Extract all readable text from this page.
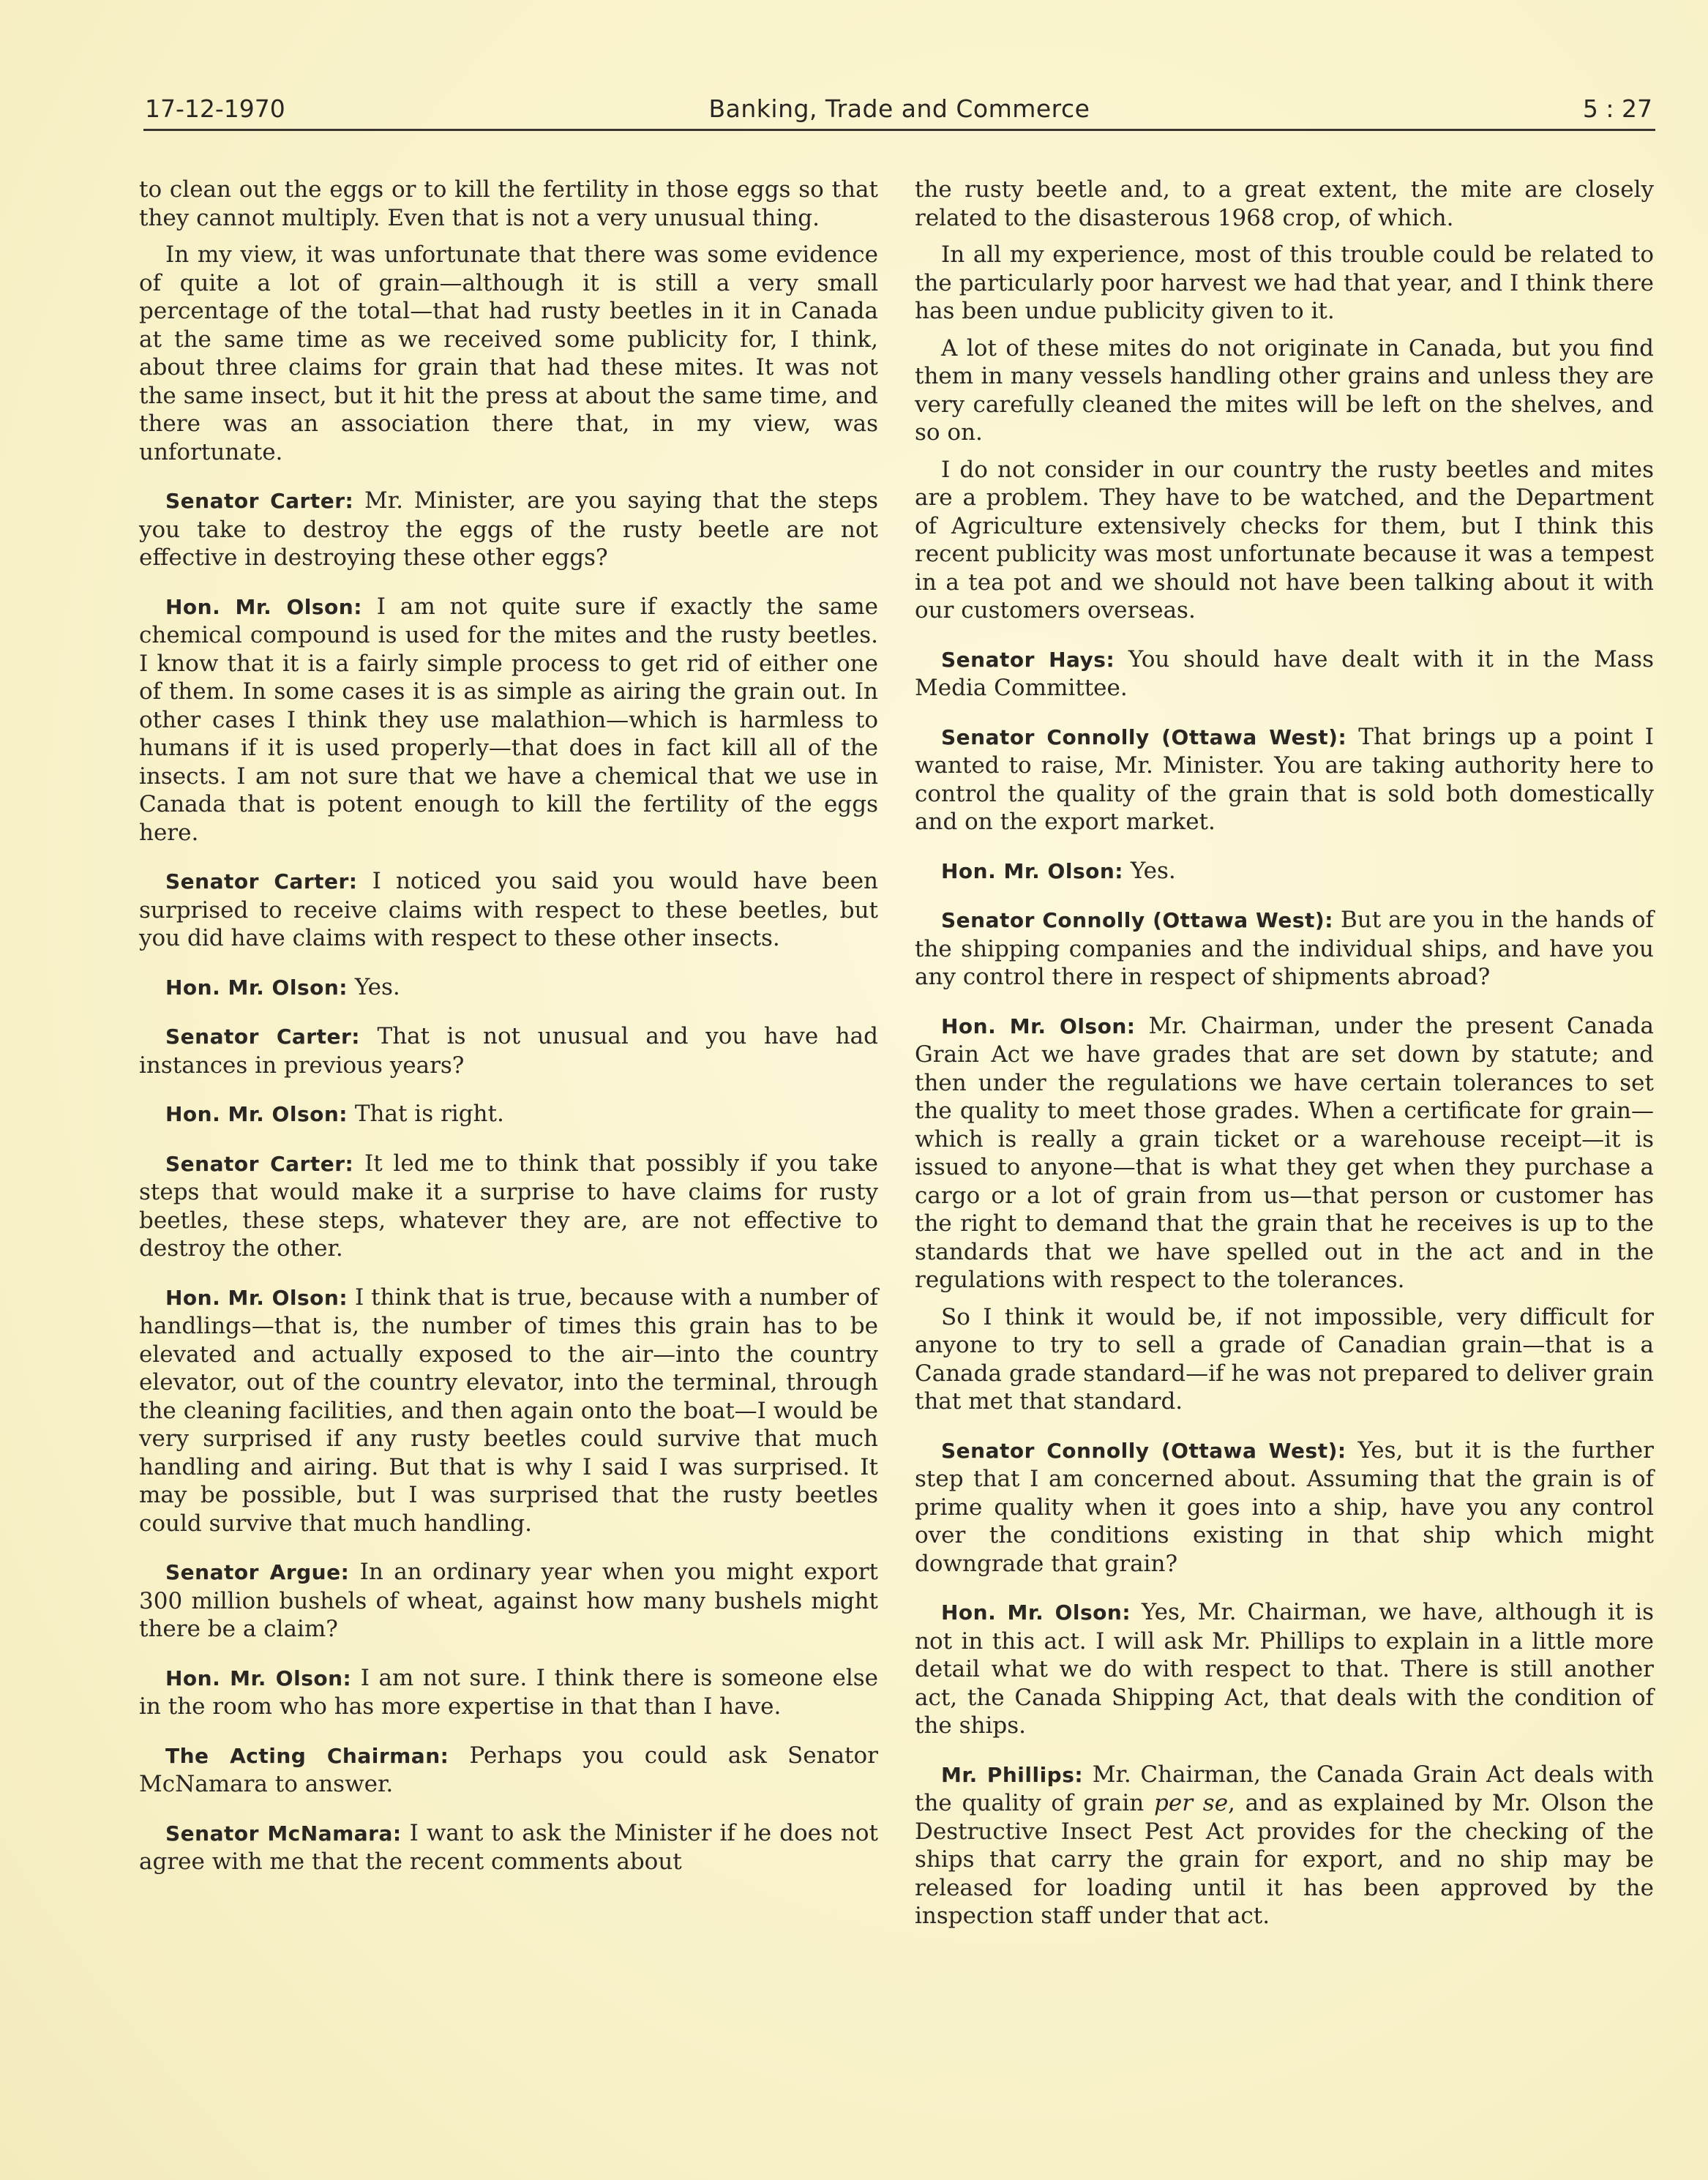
17-12-1970	Banking, Trade and Commerce	5 : 27

to clean out the eggs or to kill the fertility in those eggs so that they cannot multiply. Even that is not a very unusual thing.

In my view, it was unfortunate that there was some evidence of quite a lot of grain—although it is still a very small percentage of the total—that had rusty beetles in it in Canada at the same time as we received some publicity for, I think, about three claims for grain that had these mites. It was not the same insect, but it hit the press at about the same time, and there was an association there that, in my view, was unfortunate.

Senator Carter: Mr. Minister, are you saying that the steps you take to destroy the eggs of the rusty beetle are not effective in destroying these other eggs?

Hon. Mr. Olson: I am not quite sure if exactly the same chemical compound is used for the mites and the rusty beetles. I know that it is a fairly simple process to get rid of either one of them. In some cases it is as simple as airing the grain out. In other cases I think they use malathion—which is harmless to humans if it is used properly—that does in fact kill all of the insects. I am not sure that we have a chemical that we use in Canada that is potent enough to kill the fertility of the eggs here.

Senator Carter: I noticed you said you would have been surprised to receive claims with respect to these beetles, but you did have claims with respect to these other insects.

Hon. Mr. Olson: Yes.

Senator Carter: That is not unusual and you have had instances in previous years?

Hon. Mr. Olson: That is right.

Senator Carter: It led me to think that possibly if you take steps that would make it a surprise to have claims for rusty beetles, these steps, whatever they are, are not effective to destroy the other.

Hon. Mr. Olson: I think that is true, because with a number of handlings—that is, the number of times this grain has to be elevated and actually exposed to the air—into the country elevator, out of the country elevator, into the terminal, through the cleaning facilities, and then again onto the boat—I would be very surprised if any rusty beetles could survive that much handling and airing. But that is why I said I was surprised. It may be possible, but I was surprised that the rusty beetles could survive that much handling.

Senator Argue: In an ordinary year when you might export 300 million bushels of wheat, against how many bushels might there be a claim?

Hon. Mr. Olson: I am not sure. I think there is someone else in the room who has more expertise in that than I have.

The Acting Chairman: Perhaps you could ask Senator McNamara to answer.

Senator McNamara: I want to ask the Minister if he does not agree with me that the recent comments about

the rusty beetle and, to a great extent, the mite are closely related to the disasterous 1968 crop, of which.

In all my experience, most of this trouble could be related to the particularly poor harvest we had that year, and I think there has been undue publicity given to it.

A lot of these mites do not originate in Canada, but you find them in many vessels handling other grains and unless they are very carefully cleaned the mites will be left on the shelves, and so on.

I do not consider in our country the rusty beetles and mites are a problem. They have to be watched, and the Department of Agriculture extensively checks for them, but I think this recent publicity was most unfortunate because it was a tempest in a tea pot and we should not have been talking about it with our customers overseas.

Senator Hays: You should have dealt with it in the Mass Media Committee.

Senator Connolly (Ottawa West): That brings up a point I wanted to raise, Mr. Minister. You are taking authority here to control the quality of the grain that is sold both domestically and on the export market.

Hon. Mr. Olson: Yes.

Senator Connolly (Ottawa West): But are you in the hands of the shipping companies and the individual ships, and have you any control there in respect of shipments abroad?

Hon. Mr. Olson: Mr. Chairman, under the present Canada Grain Act we have grades that are set down by statute; and then under the regulations we have certain tolerances to set the quality to meet those grades. When a certificate for grain—which is really a grain ticket or a warehouse receipt—it is issued to anyone—that is what they get when they purchase a cargo or a lot of grain from us—that person or customer has the right to demand that the grain that he receives is up to the standards that we have spelled out in the act and in the regulations with respect to the tolerances.

So I think it would be, if not impossible, very difficult for anyone to try to sell a grade of Canadian grain—that is a Canada grade standard—if he was not prepared to deliver grain that met that standard.

Senator Connolly (Ottawa West): Yes, but it is the further step that I am concerned about. Assuming that the grain is of prime quality when it goes into a ship, have you any control over the conditions existing in that ship which might downgrade that grain?

Hon. Mr. Olson: Yes, Mr. Chairman, we have, although it is not in this act. I will ask Mr. Phillips to explain in a little more detail what we do with respect to that. There is still another act, the Canada Shipping Act, that deals with the condition of the ships.

Mr. Phillips: Mr. Chairman, the Canada Grain Act deals with the quality of grain per se, and as explained by Mr. Olson the Destructive Insect Pest Act provides for the checking of the ships that carry the grain for export, and no ship may be released for loading until it has been approved by the inspection staff under that act.
